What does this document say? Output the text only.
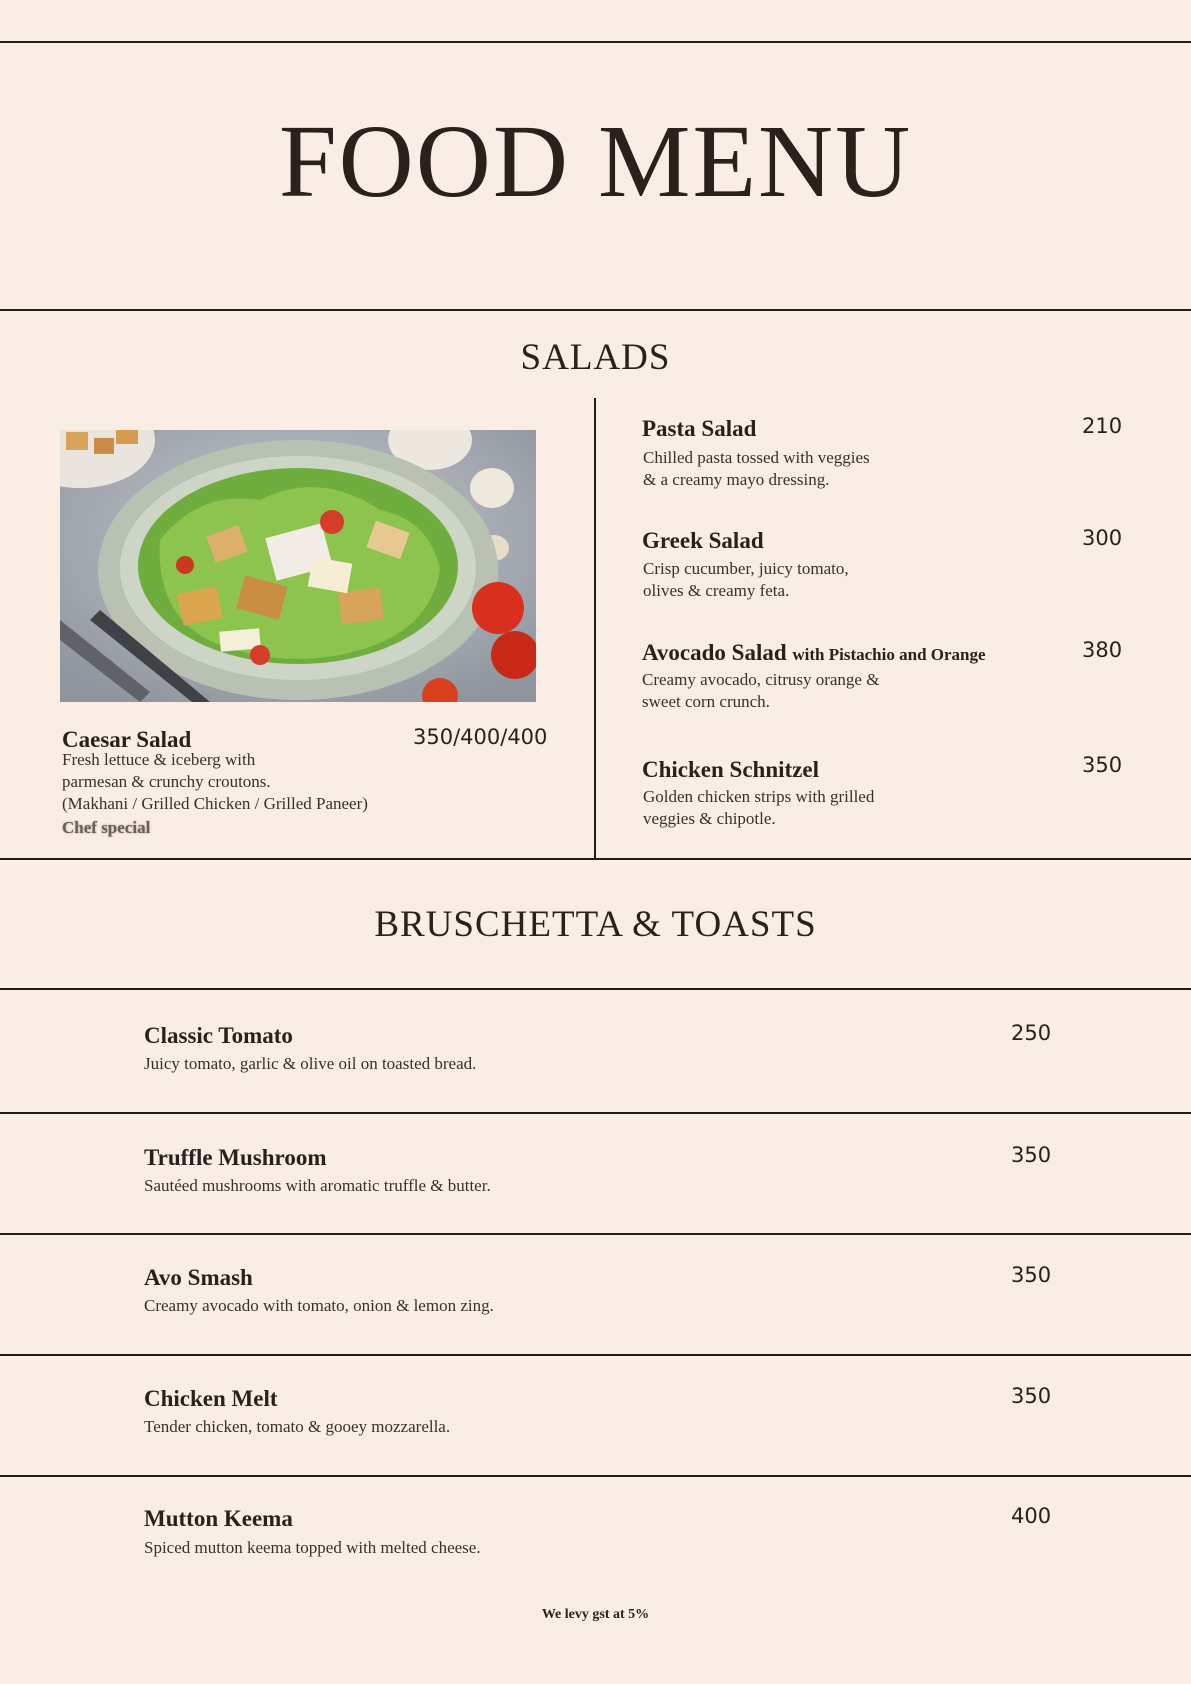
FOOD MENU
SALADS
Caesar Salad	350/400/400
Fresh lettuce & iceberg with
parmesan & crunchy croutons.
(Makhani / Grilled Chicken / Grilled Paneer)
Chef special
Pasta Salad	210
Chilled pasta tossed with veggies
& a creamy mayo dressing.
Greek Salad	300
Crisp cucumber, juicy tomato,
olives & creamy feta.
Avocado Salad with Pistachio and Orange	380
Creamy avocado, citrusy orange &
sweet corn crunch.
Chicken Schnitzel	350
Golden chicken strips with grilled
veggies & chipotle.
BRUSCHETTA & TOASTS
Classic Tomato	250
Juicy tomato, garlic & olive oil on toasted bread.
Truffle Mushroom	350
Sautéed mushrooms with aromatic truffle & butter.
Avo Smash	350
Creamy avocado with tomato, onion & lemon zing.
Chicken Melt	350
Tender chicken, tomato & gooey mozzarella.
Mutton Keema	400
Spiced mutton keema topped with melted cheese.
We levy gst at 5%
